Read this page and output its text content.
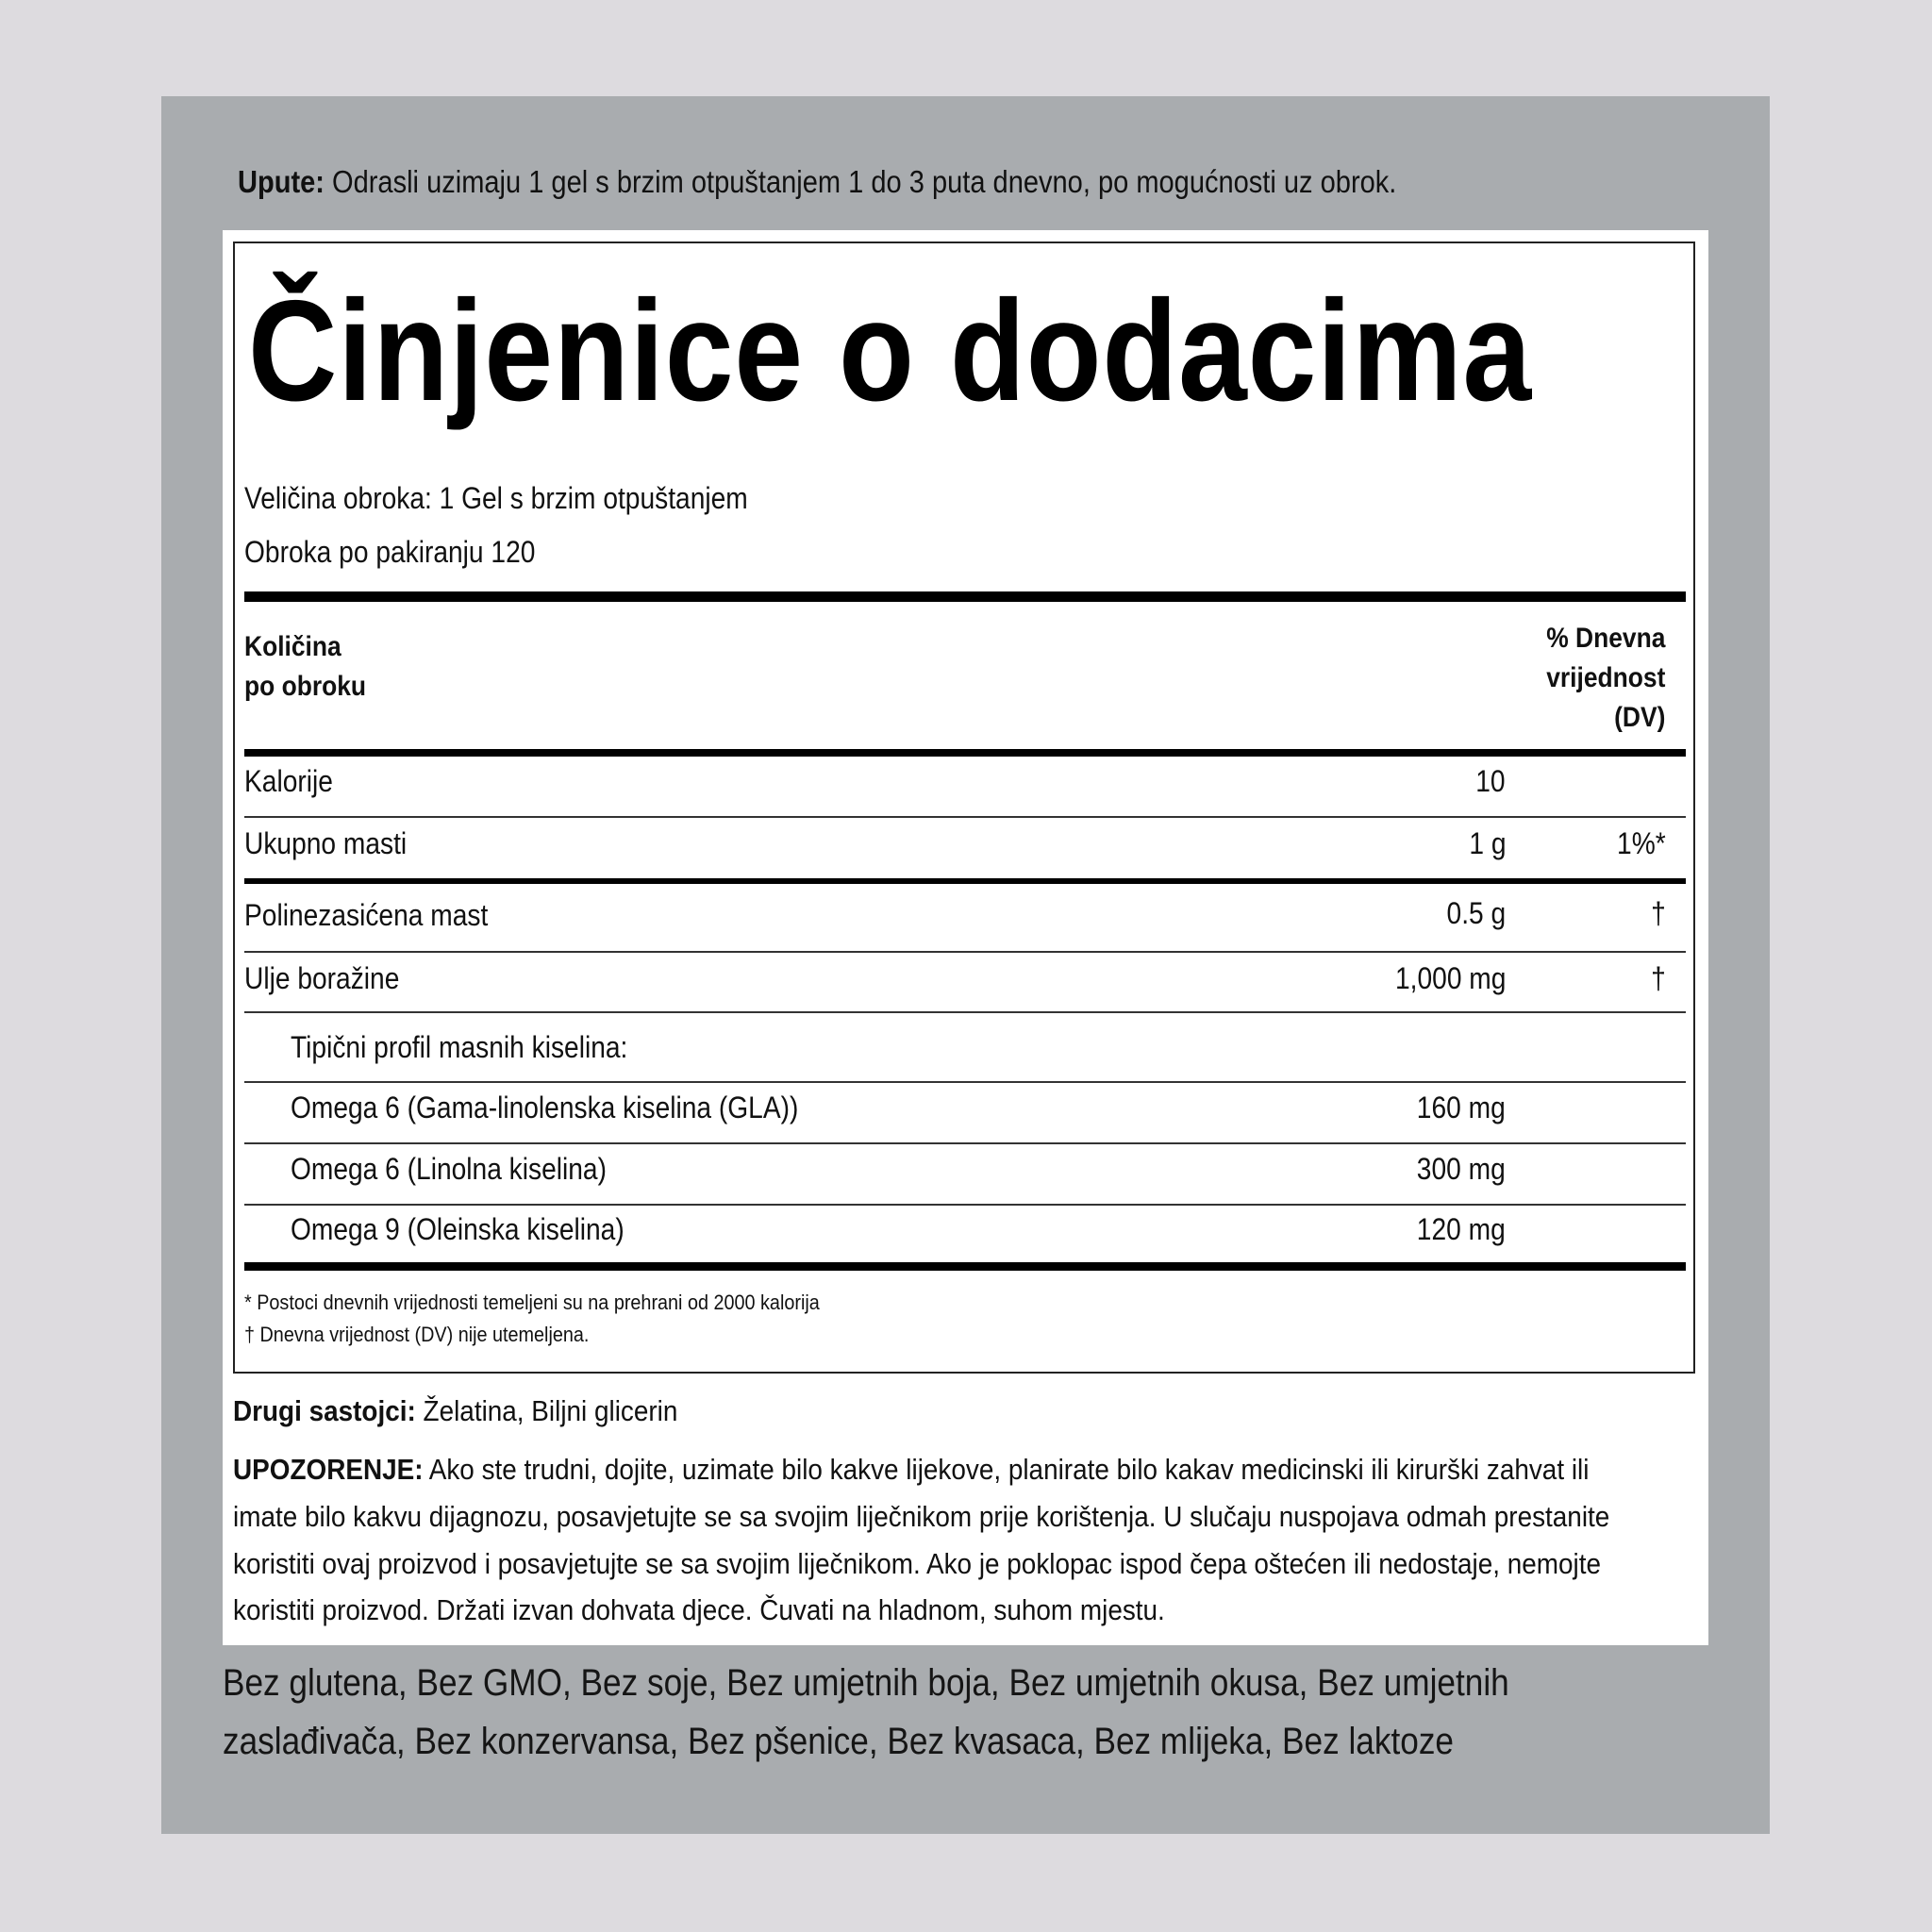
Upute: Odrasli uzimaju 1 gel s brzim otpuštanjem 1 do 3 puta dnevno, po mogućnosti uz obrok.
Činjenice o dodacima
Veličina obroka: 1 Gel s brzim otpuštanjem
Obroka po pakiranju 120
Količina
po obroku
% Dnevna
vrijednost
(DV)
Kalorije	10
Ukupno masti	1 g	1%*
Polinezasićena mast	0.5 g	†
Ulje boražine	1,000 mg	†
Tipični profil masnih kiselina:
Omega 6 (Gama-linolenska kiselina (GLA))	160 mg
Omega 6 (Linolna kiselina)	300 mg
Omega 9 (Oleinska kiselina)	120 mg
* Postoci dnevnih vrijednosti temeljeni su na prehrani od 2000 kalorija
† Dnevna vrijednost (DV) nije utemeljena.
Drugi sastojci: Želatina, Biljni glicerin
UPOZORENJE: Ako ste trudni, dojite, uzimate bilo kakve lijekove, planirate bilo kakav medicinski ili kirurški zahvat ili
imate bilo kakvu dijagnozu, posavjetujte se sa svojim liječnikom prije korištenja. U slučaju nuspojava odmah prestanite
koristiti ovaj proizvod i posavjetujte se sa svojim liječnikom. Ako je poklopac ispod čepa oštećen ili nedostaje, nemojte
koristiti proizvod. Držati izvan dohvata djece. Čuvati na hladnom, suhom mjestu.
Bez glutena, Bez GMO, Bez soje, Bez umjetnih boja, Bez umjetnih okusa, Bez umjetnih
zaslađivača, Bez konzervansa, Bez pšenice, Bez kvasaca, Bez mlijeka, Bez laktoze
